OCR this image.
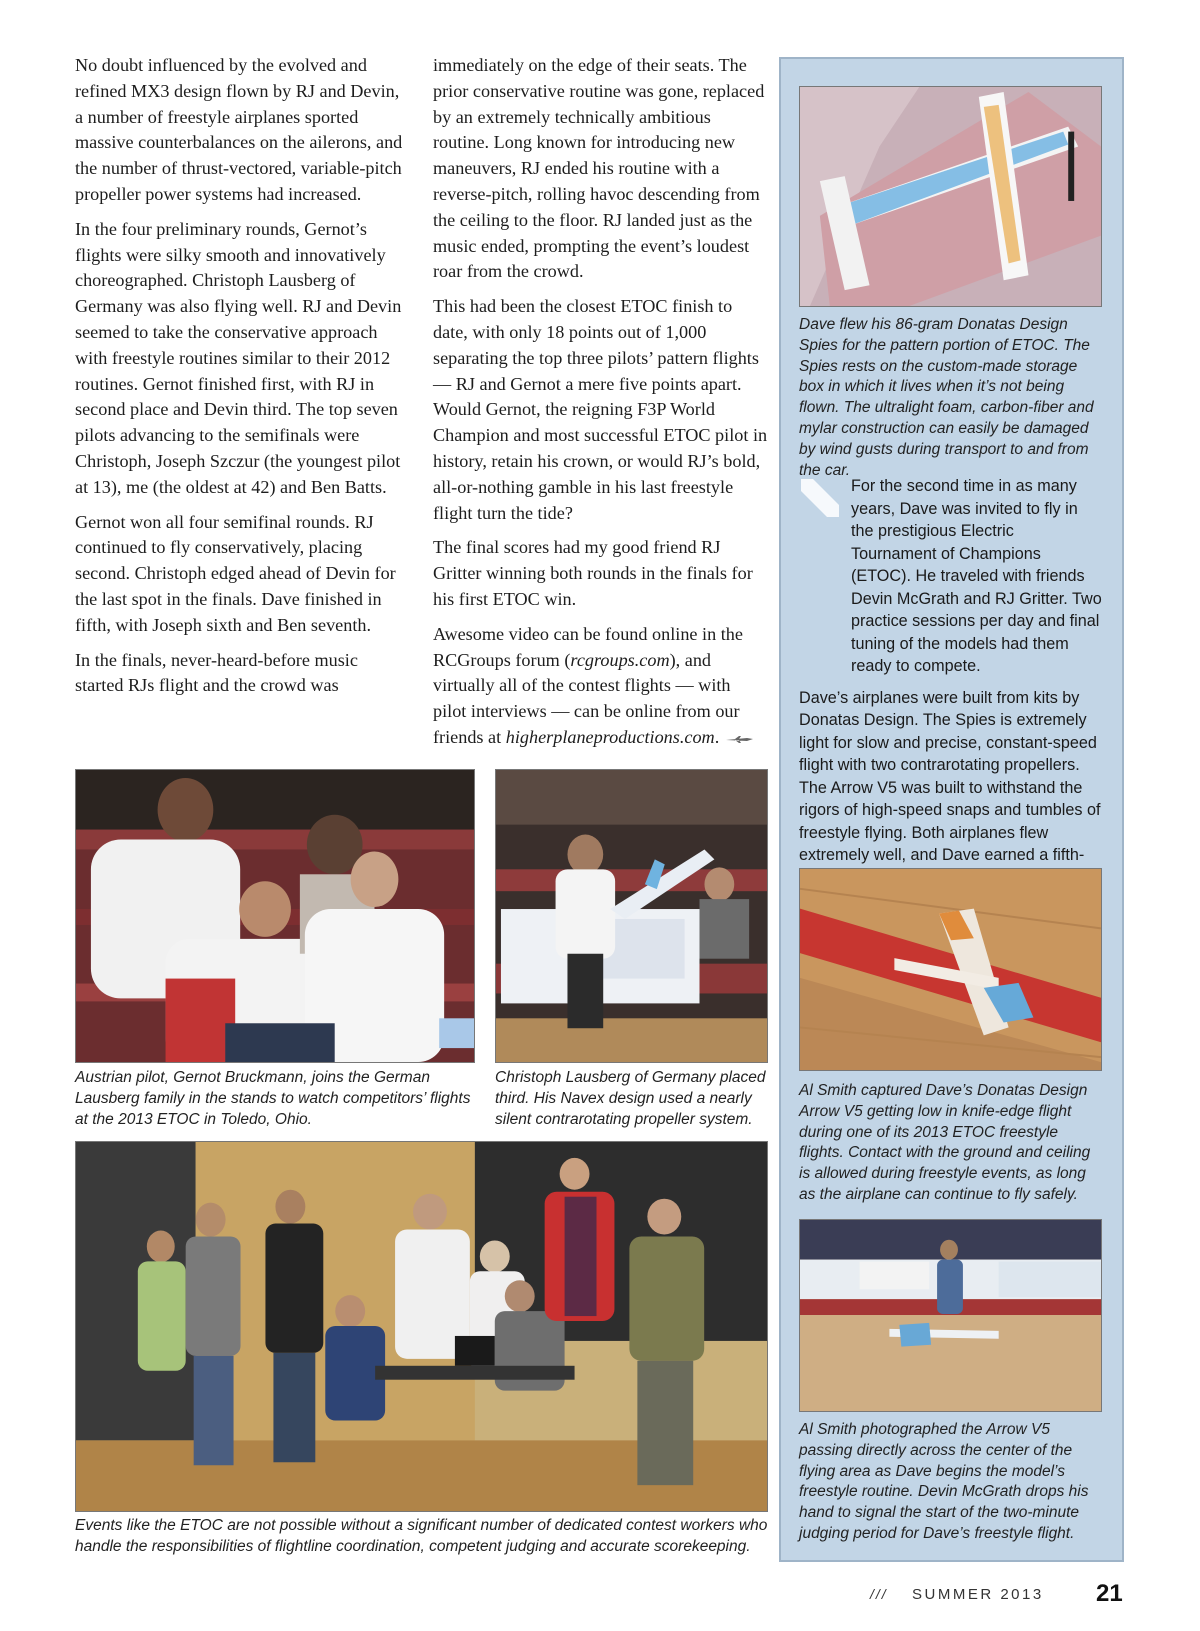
No doubt influenced by the evolved and refined MX3 design flown by RJ and Devin, a number of freestyle airplanes sported massive counterbalances on the ailerons, and the number of thrust-vectored, variable-pitch propeller power systems had increased.

In the four preliminary rounds, Gernot’s flights were silky smooth and innovatively choreographed. Christoph Lausberg of Germany was also flying well. RJ and Devin seemed to take the conservative approach with freestyle routines similar to their 2012 routines. Gernot finished first, with RJ in second place and Devin third. The top seven pilots advancing to the semifinals were Christoph, Joseph Szczur (the youngest pilot at 13), me (the oldest at 42) and Ben Batts.

Gernot won all four semifinal rounds. RJ continued to fly conservatively, placing second. Christoph edged ahead of Devin for the last spot in the finals. Dave finished in fifth, with Joseph sixth and Ben seventh.

In the finals, never-heard-before music started RJs flight and the crowd was

immediately on the edge of their seats. The prior conservative routine was gone, replaced by an extremely technically ambitious routine. Long known for introducing new maneuvers, RJ ended his routine with a reverse-pitch, rolling havoc descending from the ceiling to the floor. RJ landed just as the music ended, prompting the event’s loudest roar from the crowd.

This had been the closest ETOC finish to date, with only 18 points out of 1,000 separating the top three pilots’ pattern flights — RJ and Gernot a mere five points apart. Would Gernot, the reigning F3P World Champion and most successful ETOC pilot in history, retain his crown, or would RJ’s bold, all-or-nothing gamble in his last freestyle flight turn the tide?

The final scores had my good friend RJ Gritter winning both rounds in the finals for his first ETOC win.

Awesome video can be found online in the RCGroups forum (rcgroups.com), and virtually all of the contest flights — with pilot interviews — can be online from our friends at higherplaneproductions.com.

Austrian pilot, Gernot Bruckmann, joins the German Lausberg family in the stands to watch competitors’ flights at the 2013 ETOC in Toledo, Ohio.
Christoph Lausberg of Germany placed third. His Navex design used a nearly silent contrarotating propeller system.
Events like the ETOC are not possible without a significant number of dedicated contest workers who handle the responsibilities of flightline coordination, competent judging and accurate scorekeeping.
Dave flew his 86-gram Donatas Design Spies for the pattern portion of ETOC. The Spies rests on the custom-made storage box in which it lives when it’s not being flown. The ultralight foam, carbon-fiber and mylar construction can easily be damaged by wind gusts during transport to and from the car.

For the second time in as many years, Dave was invited to fly in the prestigious Electric Tournament of Champions (ETOC). He traveled with friends Devin McGrath and RJ Gritter. Two practice sessions per day and final tuning of the models had them ready to compete.

Dave’s airplanes were built from kits by Donatas Design. The Spies is extremely light for slow and precise, constant-speed flight with two contrarotating propellers. The Arrow V5 was built to withstand the rigors of high-speed snaps and tumbles of freestyle flying. Both airplanes flew extremely well, and Dave earned a fifth-

Al Smith captured Dave’s Donatas Design Arrow V5 getting low in knife-edge flight during one of its 2013 ETOC freestyle flights. Contact with the ground and ceiling is allowed during freestyle events, as long as the airplane can continue to fly safely.
Al Smith photographed the Arrow V5 passing directly across the center of the flying area as Dave begins the model’s freestyle routine. Devin McGrath drops his hand to signal the start of the two-minute judging period for Dave’s freestyle flight.
/// SUMMER 2013 21
